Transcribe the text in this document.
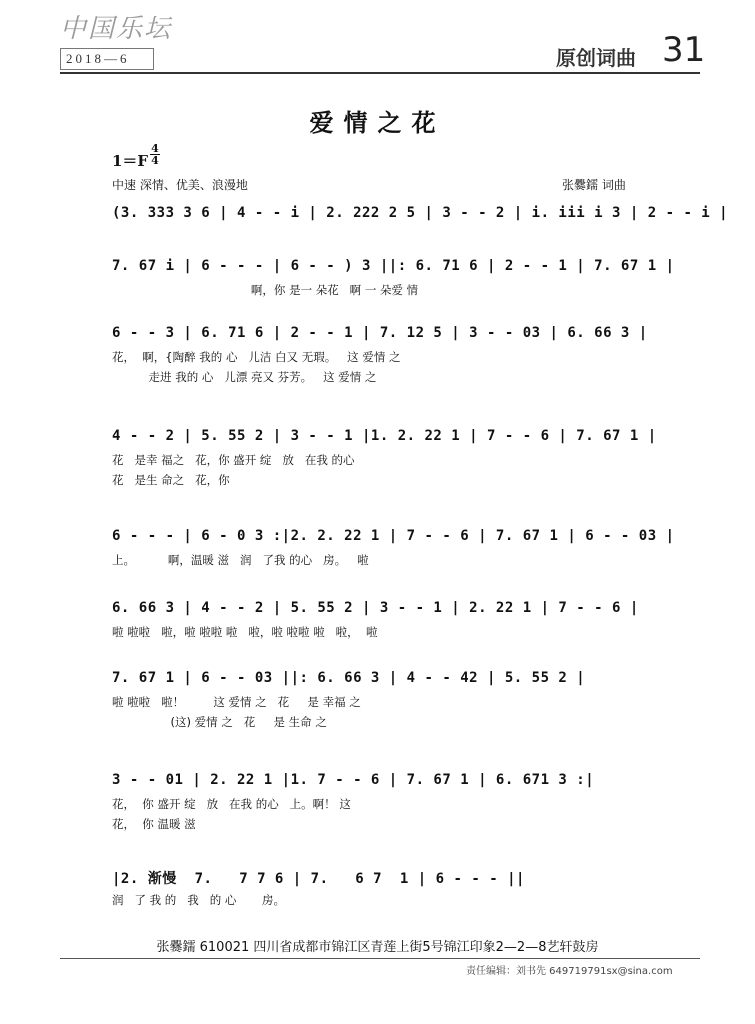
中国乐坛
2018—6	原创词曲 31
爱情之花
1＝F
4
4
中速 深情、优美、浪漫地	张爨鑐 词曲
(3. 333 3 6 | 4 - - i | 2. 222 2 5 | 3 - - 2 | i. iii i 3 | 2 - - i |
7. 67 i | 6 - - - | 6 - - ) 3 ||: 6. 71 6 | 2 - - 1 | 7. 67 1 |
啊，你 是一 朵花   啊 一 朵爱 情
6 - - 3 | 6. 71 6 | 2 - - 1 | 7. 12 5 | 3 - - 03 | 6. 66 3 |
花，  啊，{陶醉 我的 心   儿洁 白又 无瑕。   这 爱情 之
走进 我的 心   儿漂 亮又 芬芳。   这 爱情 之
4 - - 2 | 5. 55 2 | 3 - - 1 |1. 2. 22 1 | 7 - - 6 | 7. 67 1 |
花   是幸 福之   花，你 盛开 绽   放   在我 的心
花   是生 命之   花，你
6 - - - | 6 - 0 3 :|2. 2. 22 1 | 7 - - 6 | 7. 67 1 | 6 - - 03 |
上。         啊，温暖 滋   润   了我 的心   房。   啦
6. 66 3 | 4 - - 2 | 5. 55 2 | 3 - - 1 | 2. 22 1 | 7 - - 6 |
啦 啦啦   啦，啦 啦啦 啦   啦，啦 啦啦 啦   啦，  啦
7. 67 1 | 6 - - 03 ||: 6. 66 3 | 4 - - 42 | 5. 55 2 |
啦 啦啦   啦！        这 爱情 之   花     是 幸福 之
(这) 爱情 之   花     是 生命 之
3 - - 01 | 2. 22 1 |1. 7 - - 6 | 7. 67 1 | 6. 671 3 :|
花，  你 盛开 绽   放   在我 的心   上。啊！ 这
花，  你 温暖 滋
|2. 渐慢  7.   7 7 6 | 7.   6 7  1 | 6 - - - ||
润   了 我 的   我   的 心       房。
张爨鑐 610021 四川省成都市锦江区青莲上街5号锦江印象2—2—8艺轩鼓房
责任编辑：刘书先 649719791sx@sina.com
